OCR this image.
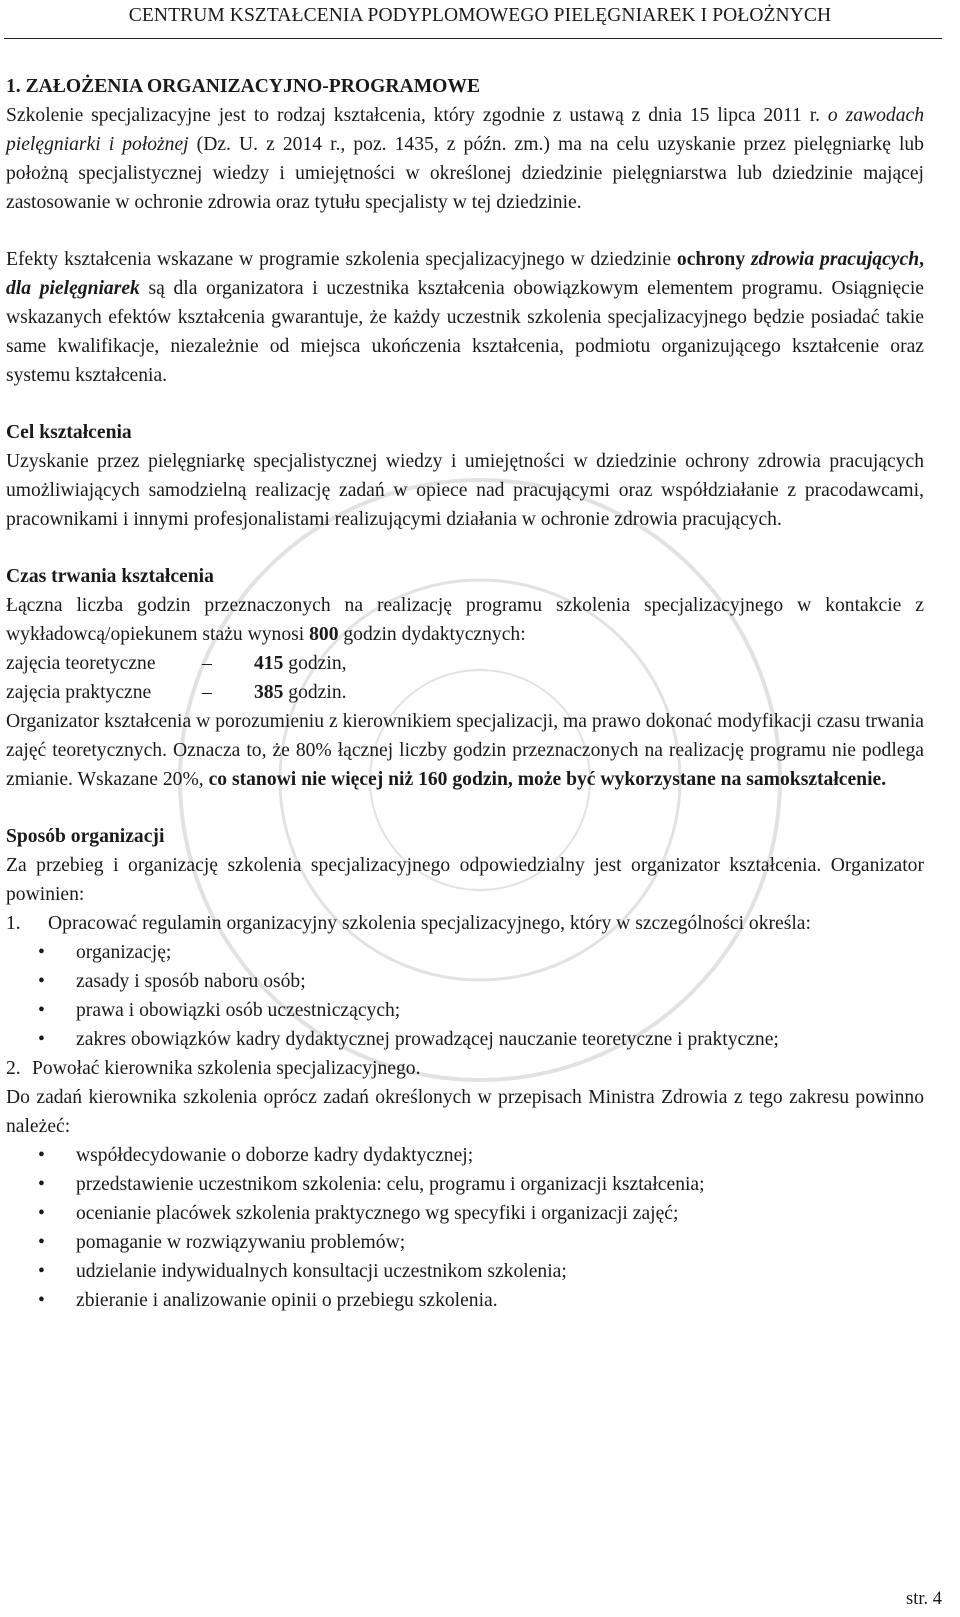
CENTRUM KSZTAŁCENIA PODYPLOMOWEGO PIELĘGNIAREK I POŁOŻNYCH
1. ZAŁOŻENIA ORGANIZACYJNO-PROGRAMOWE

Szkolenie specjalizacyjne jest to rodzaj kształcenia, który zgodnie z ustawą z dnia 15 lipca 2011 r. o zawodach pielęgniarki i położnej (Dz. U. z 2014 r., poz. 1435, z późn. zm.) ma na celu uzyskanie przez pielęgniarkę lub położną specjalistycznej wiedzy i umiejętności w określonej dziedzinie pielęgniarstwa lub dziedzinie mającej zastosowanie w ochronie zdrowia oraz tytułu specjalisty w tej dziedzinie.

Efekty kształcenia wskazane w programie szkolenia specjalizacyjnego w dziedzinie ochrony zdrowia pracujących, dla pielęgniarek są dla organizatora i uczestnika kształcenia obowiązkowym elementem programu. Osiągnięcie wskazanych efektów kształcenia gwarantuje, że każdy uczestnik szkolenia specjalizacyjnego będzie posiadać takie same kwalifikacje, niezależnie od miejsca ukończenia kształcenia, podmiotu organizującego kształcenie oraz systemu kształcenia.

Cel kształcenia

Uzyskanie przez pielęgniarkę specjalistycznej wiedzy i umiejętności w dziedzinie ochrony zdrowia pracujących umożliwiających samodzielną realizację zadań w opiece nad pracującymi oraz współdziałanie z pracodawcami, pracownikami i innymi profesjonalistami realizującymi działania w ochronie zdrowia pracujących.

Czas trwania kształcenia

Łączna liczba godzin przeznaczonych na realizację programu szkolenia specjalizacyjnego w kontakcie z wykładowcą/opiekunem stażu wynosi 800 godzin dydaktycznych:

zajęcia teoretyczne	–	415 godzin,
zajęcia praktyczne	–	385 godzin.

Organizator kształcenia w porozumieniu z kierownikiem specjalizacji, ma prawo dokonać modyfikacji czasu trwania zajęć teoretycznych. Oznacza to, że 80% łącznej liczby godzin przeznaczonych na realizację programu nie podlega zmianie. Wskazane 20%, co stanowi nie więcej niż 160 godzin, może być wykorzystane na samokształcenie.

Sposób organizacji

Za przebieg i organizację szkolenia specjalizacyjnego odpowiedzialny jest organizator kształcenia. Organizator powinien:

1.	Opracować regulamin organizacyjny szkolenia specjalizacyjnego, który w szczególności określa:
• organizację;
• zasady i sposób naboru osób;
• prawa i obowiązki osób uczestniczących;
• zakres obowiązków kadry dydaktycznej prowadzącej nauczanie teoretyczne i praktyczne;
2. Powołać kierownika szkolenia specjalizacyjnego.

Do zadań kierownika szkolenia oprócz zadań określonych w przepisach Ministra Zdrowia z tego zakresu powinno należeć:

• współdecydowanie o doborze kadry dydaktycznej;
• przedstawienie uczestnikom szkolenia: celu, programu i organizacji kształcenia;
• ocenianie placówek szkolenia praktycznego wg specyfiki i organizacji zajęć;
• pomaganie w rozwiązywaniu problemów;
• udzielanie indywidualnych konsultacji uczestnikom szkolenia;
• zbieranie i analizowanie opinii o przebiegu szkolenia.
str. 4
